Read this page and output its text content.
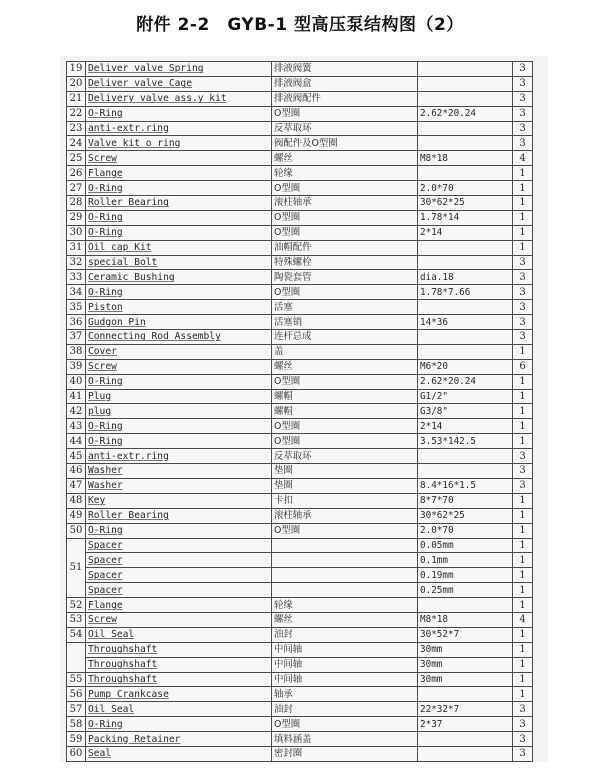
附件 2-2　GYB-1 型高压泵结构图（2）
19	Deliver valve Spring	排液阀簧		3
20	Deliver valve Cage	排液阀盒		3
21	Delivery valve ass.y kit	排液阀配件		3
22	O-Ring	O型圈	2.62*20.24	3
23	anti-extr.ring	反萃取环		3
24	Valve kit o ring	阀配件及O型圈		3
25	Screw	螺丝	M8*18	4
26	Flange	轮缘		1
27	O-Ring	O型圈	2.0*70	1
28	Roller Bearing	滚柱轴承	30*62*25	1
29	O-Ring	O型圈	1.78*14	1
30	O-Ring	O型圈	2*14	1
31	Oil cap Kit	油帽配件		1
32	special Bolt	特殊螺栓		3
33	Ceramic Bushing	陶瓷套管	dia.18	3
34	O-Ring	O型圈	1.78*7.66	3
35	Piston	活塞		3
36	Gudgon Pin	活塞销	14*36	3
37	Connecting Rod Assembly	连杆总成		3
38	Cover	盖		1
39	Screw	螺丝	M6*20	6
40	O-Ring	O型圈	2.62*20.24	1
41	Plug	螺帽	G1/2"	1
42	plug	螺帽	G3/8"	1
43	O-Ring	O型圈	2*14	1
44	O-Ring	O型圈	3.53*142.5	1
45	anti-extr.ring	反萃取环		3
46	Washer	垫圈		3
47	Washer	垫圈	8.4*16*1.5	3
48	Key	卡扣	8*7*70	1
49	Roller Bearing	滚柱轴承	30*62*25	1
50	O-Ring	O型圈	2.0*70	1
51	Spacer		0.05mm	1
	Spacer		0.1mm	1
	Spacer		0.19mm	1
	Spacer		0.25mm	1
52	Flange	轮缘		1
53	Screw	螺丝	M8*18	4
54	Oil Seal	油封	30*52*7	1
	Throughshaft	中间轴	30mm	1
	Throughshaft	中间轴	30mm	1
55	Throughshaft	中间轴	30mm	1
56	Pump Crankcase	轴承		1
57	Oil Seal	油封	22*32*7	3
58	O-Ring	O型圈	2*37	3
59	Packing Retainer	填料涵盖		3
60	Seal	密封圈		3
